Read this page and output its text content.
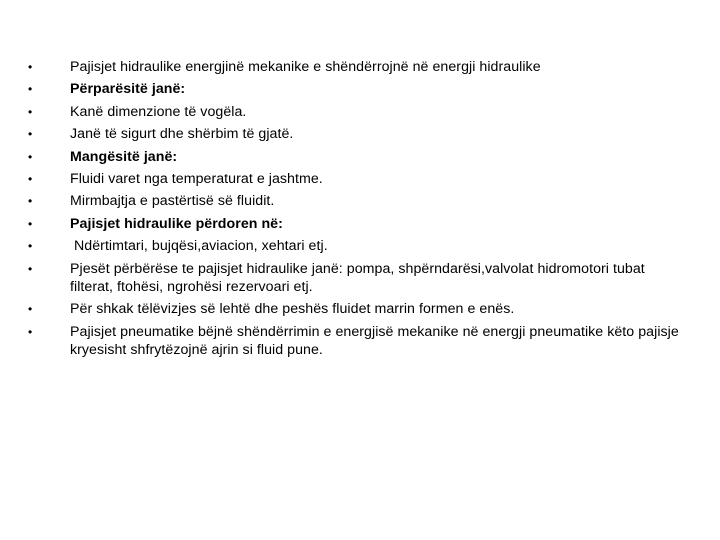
•	Pajisjet hidraulike energjinë mekanike e shëndërrojnë në energji hidraulike
•	Përparësitë janë:
•	Kanë dimenzione të vogëla.
•	Janë të sigurt dhe shërbim të gjatë.
•	Mangësitë janë:
•	Fluidi varet nga temperaturat e jashtme.
•	Mirmbajtja e pastërtisë së fluidit.
•	Pajisjet hidraulike përdoren në:
•	Ndërtimtari, bujqësi,aviacion, xehtari etj.
•	Pjesët përbërëse te pajisjet hidraulike janë: pompa, shpërndarësi,valvolat hidromotori tubat filterat, ftohësi, ngrohësi rezervoari etj.
•	Për shkak tëlëvizjes së lehtë dhe peshës fluidet marrin formen e enës.
•	Pajisjet pneumatike bëjnë shëndërrimin e energjisë mekanike në energji pneumatike këto pajisje kryesisht shfrytëzojnë ajrin si fluid pune.
